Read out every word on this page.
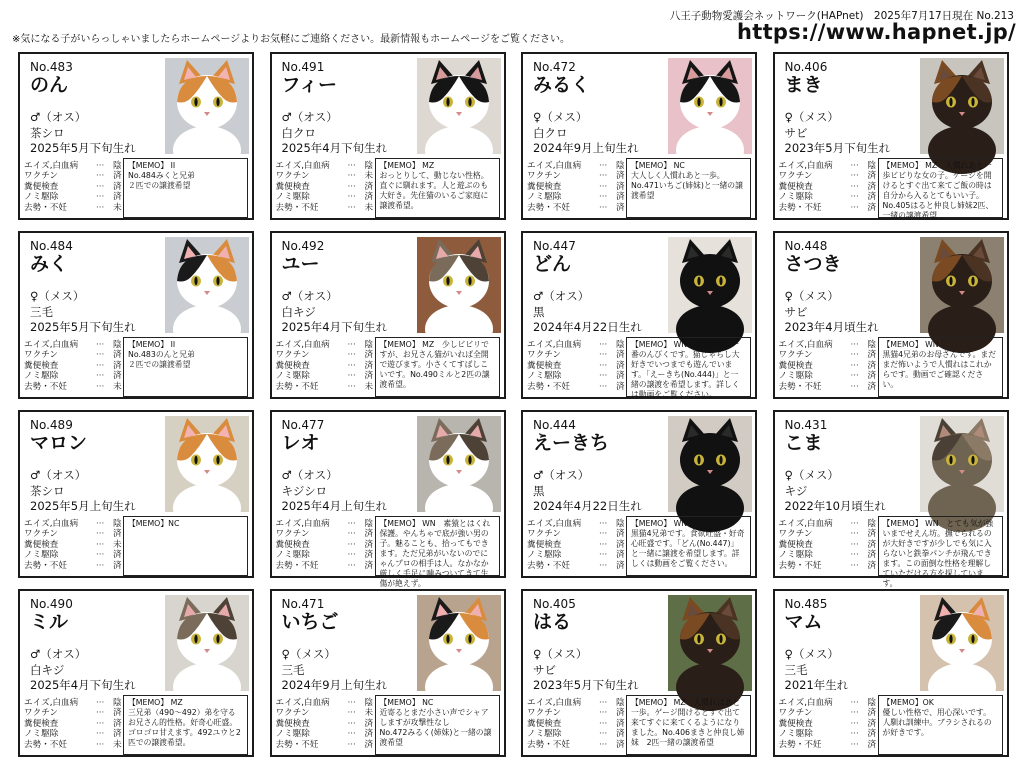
※気になる子がいらっしゃいましたらホームページよりお気軽にご連絡ください。最新情報もホームページをご覧ください。
八王子動物愛護会ネットワーク(HAPnet)　2025年7月17日現在 No.213
https://www.hapnet.jp/
No.483
のん
♂（オス）
茶シロ
2025年5月下旬生れ
エイズ,白血病 ··· 陰
ワクチン	··· 済
糞便検査	··· 済
ノミ駆除	··· 済
去勢・不妊	··· 未
【MEMO】 II
No.484みくと兄弟
２匹での譲渡希望
No.491
フィー
♂（オス）
白クロ
2025年4月下旬生れ
エイズ,白血病 ··· 陰
ワクチン	··· 未
糞便検査	··· 済
ノミ駆除	··· 済
去勢・不妊	··· 未
【MEMO】 MZ
おっとりして、動じない性格。直ぐに馴れます。人と遊ぶのも大好き。先住猫のいるご家庭に譲渡希望。
No.472
みるく
♀（メス）
白クロ
2024年9月上旬生れ
エイズ,白血病 ··· 陰
ワクチン	··· 済
糞便検査	··· 済
ノミ駆除	··· 済
去勢・不妊	··· 済
【MEMO】 NC
大人しく人慣れあと一歩。No.471いちご(姉妹)と一緒の譲渡希望
No.406
まき
♀（メス）
サビ
2023年5月下旬生れ
エイズ,白血病 ··· 陰
ワクチン	··· 済
糞便検査	··· 済
ノミ駆除	··· 済
去勢・不妊	··· 済
【MEMO】 MZ　人慣れあと一歩ビビりな女の子。ケージを開けるとすぐ出て来てご飯の時は自分から入るとてもいい子。No.405はると仲良し姉妹2匹、一緒の譲渡希望
No.484
みく
♀（メス）
三毛
2025年5月下旬生れ
エイズ,白血病 ··· 陰
ワクチン	··· 済
糞便検査	··· 済
ノミ駆除	··· 済
去勢・不妊	··· 未
【MEMO】 II
No.483のんと兄弟
２匹での譲渡希望
No.492
ユー
♂（オス）
白キジ
2025年4月下旬生れ
エイズ,白血病 ··· 陰
ワクチン	··· 済
糞便検査	··· 済
ノミ駆除	··· 済
去勢・不妊	··· 未
【MEMO】 MZ　少しビビリですが、お兄さん猫がいれば全開で遊びます。小さくてすばしこいです。No.490ミルと2匹の譲渡希望。
No.447
どん
♂（オス）
黒
2024年4月22日生れ
エイズ,白血病 ··· 陰
ワクチン	··· 済
糞便検査	··· 済
ノミ駆除	··· 済
去勢・不妊	··· 済
【MEMO】 WN　黒猫4兄弟一番のんびくです。猫じゃらし大好きでいつまでも遊んでいます。「えーきち(No.444)」と一緒の譲渡を希望します。詳しくは動画をご覧ください。
No.448
さつき
♀（メス）
サビ
2023年4月頃生れ
エイズ,白血病 ··· 陰
ワクチン	··· 済
糞便検査	··· 済
ノミ駆除	··· 済
去勢・不妊	··· 済
【MEMO】 WN
黒猫4兄弟のお母さんです。まだまだ怖いようで人慣れはこれからです。動画でご確認ください。
No.489
マロン
♂（オス）
茶シロ
2025年5月上旬生れ
エイズ,白血病 ··· 陰
ワクチン	··· 済
糞便検査	··· 未
ノミ駆除	··· 済
去勢・不妊	··· 済
【MEMO】NC
No.477
レオ
♂（オス）
キジシロ
2025年4月上旬生れ
エイズ,白血病 ··· 陰
ワクチン	··· 済
糞便検査	··· 済
ノミ駆除	··· 済
去勢・不妊	··· 済
【MEMO】 WN　素猿とはくれ保護。やんちゃで底が強い男の子。魅ることも、拾ってもできます。ただ兄弟がいないのでにゃんプロの相手は人。なかなか厳しく手足に噛みついてきて生傷が絶えず。
No.444
えーきち
♂（オス）
黒
2024年4月22日生れ
エイズ,白血病 ··· 陰
ワクチン	··· 済
糞便検査	··· 済
ノミ駆除	··· 済
去勢・不妊	··· 済
【MEMO】 WN
黒猫4兄弟です。食欲旺盛・好奇心旺盛です。「どん(No.447)」と一緒に譲渡を希望します。詳しくは動画をご覧ください。
No.431
こま
♀（メス）
キジ
2022年10月頃生れ
エイズ,白血病 ··· 陰
ワクチン	··· 済
糞便検査	··· 済
ノミ駆除	··· 済
去勢・不妊	··· 済
【MEMO】 WN　とても気が強いまでせえん坊。撫でられるのが大好きですが少しでも気に入らないと鉄拳パンチが飛んできます。この面倒な性格を理解していただける方を探しています。
No.490
ミル
♂（オス）
白キジ
2025年4月下旬生れ
エイズ,白血病 ··· 陰
ワクチン	··· 済
糞便検査	··· 済
ノミ駆除	··· 済
去勢・不妊	··· 未
【MEMO】 MZ
三兄弟（490～492）弟を守るお兄さん的性格。好奇心旺盛。ゴロゴロ甘えます。492ユウと2匹での譲渡希望。
No.471
いちご
♀（メス）
三毛
2024年9月上旬生れ
エイズ,白血病 ··· 陰
ワクチン	··· 未
糞便検査	··· 済
ノミ駆除	··· 済
去勢・不妊	··· 済
【MEMO】 NC
近寄るとまだ小さい声でシャアしますが攻撃性なし
No.472みるく(姉妹)と一緒の譲渡希望
No.405
はる
♀（メス）
サビ
2023年5月下旬生れ
エイズ,白血病 ··· 陰
ワクチン	··· 済
糞便検査	··· 済
ノミ駆除	··· 済
去勢・不妊	··· 済
【MEMO】 MZ　人慣れはあと一歩。ゲージ開けるとすぐ出て来てすぐに来てくるようになりました。No.406まきと仲良し姉妹　2匹一緒の譲渡希望
No.485
マム
♀（メス）
三毛
2021年生れ
エイズ,白血病 ··· 陰
ワクチン	··· 済
糞便検査	··· 済
ノミ駆除	··· 済
去勢・不妊	··· 済
【MEMO】OK
優しい性格で、用心深いです。人馴れ訓練中。ブラシされるのが好きです。
